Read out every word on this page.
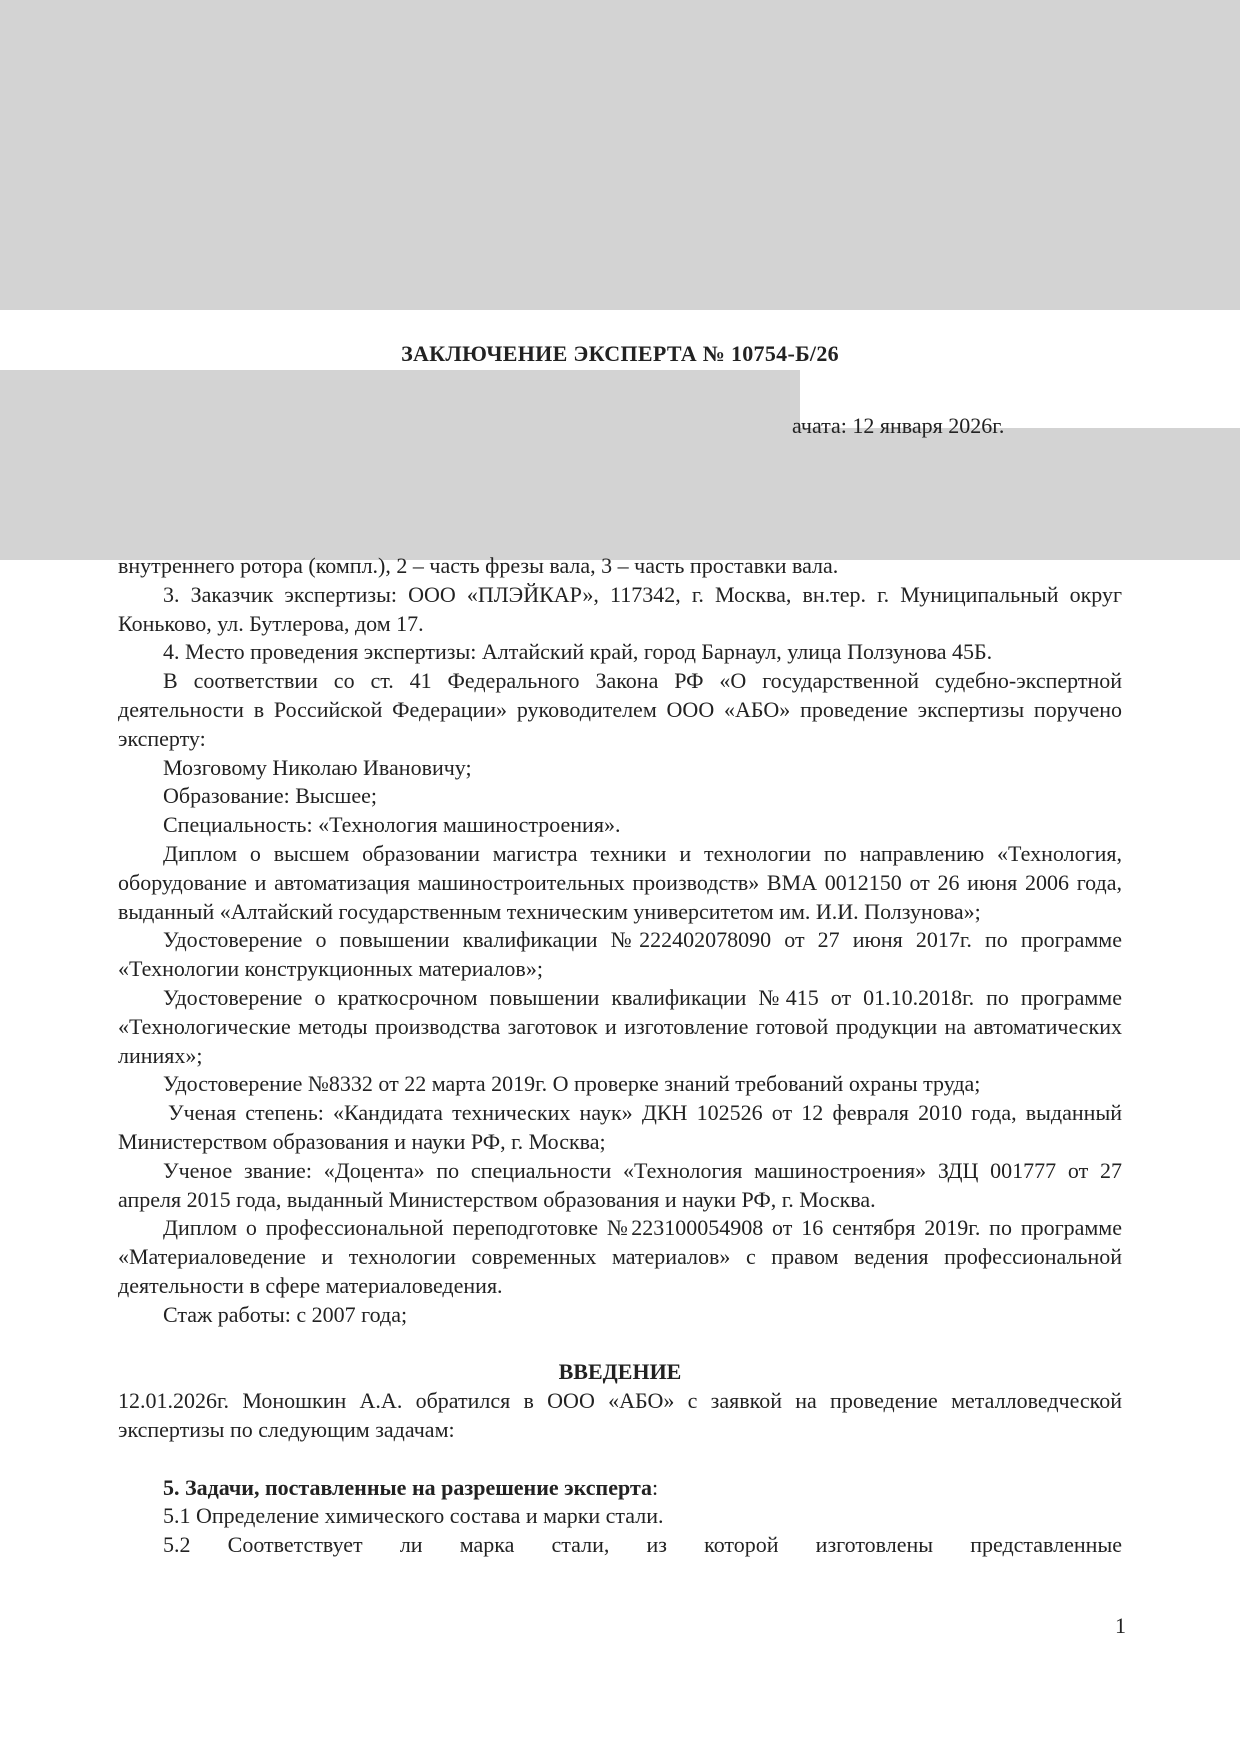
ЗАКЛЮЧЕНИЕ ЭКСПЕРТА № 10754-Б/26
ачата: 12 января 2026г.

внутреннего ротора (компл.), 2 – часть фрезы вала, 3 – часть проставки вала.

3. Заказчик экспертизы: ООО «ПЛЭЙКАР», 117342, г. Москва, вн.тер. г. Муниципальный округ Коньково, ул. Бутлерова, дом 17.

4. Место проведения экспертизы: Алтайский край, город Барнаул, улица Ползунова 45Б.

В соответствии со ст. 41 Федерального Закона РФ «О государственной судебно-экспертной деятельности в Российской Федерации» руководителем ООО «АБО» проведение экспертизы поручено эксперту:

Мозговому Николаю Ивановичу;

Образование: Высшее;

Специальность: «Технология машиностроения».

Диплом о высшем образовании магистра техники и технологии по направлению «Технология, оборудование и автоматизация машиностроительных производств» ВМА 0012150 от 26 июня 2006 года, выданный «Алтайский государственным техническим университетом им. И.И. Ползунова»;

Удостоверение о повышении квалификации №222402078090 от 27 июня 2017г. по программе «Технологии конструкционных материалов»;

Удостоверение о краткосрочном повышении квалификации №415 от 01.10.2018г. по программе «Технологические методы производства заготовок и изготовление готовой продукции на автоматических линиях»;

Удостоверение №8332 от 22 марта 2019г. О проверке знаний требований охраны труда;

Ученая степень: «Кандидата технических наук» ДКН 102526 от 12 февраля 2010 года, выданный Министерством образования и науки РФ, г. Москва;

Ученое звание: «Доцента» по специальности «Технология машиностроения» ЗДЦ 001777 от 27 апреля 2015 года, выданный Министерством образования и науки РФ, г. Москва.

Диплом о профессиональной переподготовке №223100054908 от 16 сентября 2019г. по программе «Материаловедение и технологии современных материалов» с правом ведения профессиональной деятельности в сфере материаловедения.

Стаж работы: с 2007 года;

ВВЕДЕНИЕ

12.01.2026г. Моношкин А.А. обратился в ООО «АБО» с заявкой на проведение металловедческой экспертизы по следующим задачам:

5. Задачи, поставленные на разрешение эксперта:

5.1 Определение химического состава и марки стали.

5.2 Соответствует ли марка стали, из которой изготовлены представленные

1
